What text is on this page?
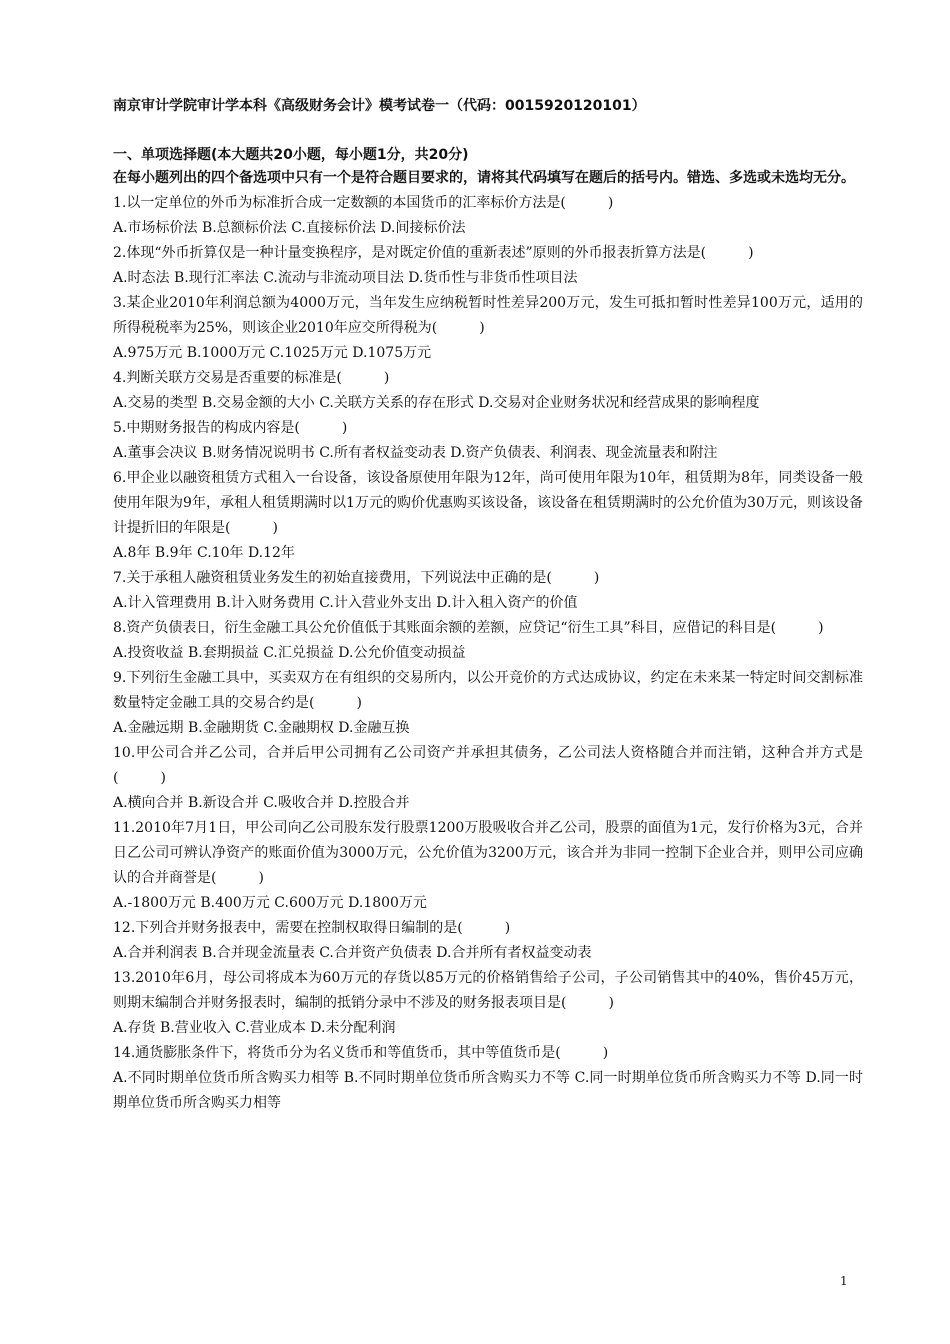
南京审计学院审计学本科《高级财务会计》模考试卷一（代码：0015920120101）
一、单项选择题(本大题共20小题，每小题1分，共20分)
在每小题列出的四个备选项中只有一个是符合题目要求的，请将其代码填写在题后的括号内。错选、多选或未选均无分。
1.以一定单位的外币为标准折合成一定数额的本国货币的汇率标价方法是(　　　)
A.市场标价法 B.总额标价法 C.直接标价法 D.间接标价法
2.体现“外币折算仅是一种计量变换程序，是对既定价值的重新表述”原则的外币报表折算方法是(　　　)
A.时态法 B.现行汇率法 C.流动与非流动项目法 D.货币性与非货币性项目法
3.某企业2010年利润总额为4000万元，当年发生应纳税暂时性差异200万元，发生可抵扣暂时性差异100万元，适用的所得税税率为25%，则该企业2010年应交所得税为(　　　)
A.975万元 B.1000万元 C.1025万元 D.1075万元
4.判断关联方交易是否重要的标准是(　　　)
A.交易的类型 B.交易金额的大小 C.关联方关系的存在形式 D.交易对企业财务状况和经营成果的影响程度
5.中期财务报告的构成内容是(　　　)
A.董事会决议 B.财务情况说明书 C.所有者权益变动表 D.资产负债表、利润表、现金流量表和附注
6.甲企业以融资租赁方式租入一台设备，该设备原使用年限为12年，尚可使用年限为10年，租赁期为8年，同类设备一般使用年限为9年，承租人租赁期满时以1万元的购价优惠购买该设备，该设备在租赁期满时的公允价值为30万元，则该设备计提折旧的年限是(　　　)
A.8年 B.9年 C.10年 D.12年
7.关于承租人融资租赁业务发生的初始直接费用，下列说法中正确的是(　　　)
A.计入管理费用 B.计入财务费用 C.计入营业外支出 D.计入租入资产的价值
8.资产负债表日，衍生金融工具公允价值低于其账面余额的差额，应贷记“衍生工具”科目，应借记的科目是(　　　)
A.投资收益 B.套期损益 C.汇兑损益 D.公允价值变动损益
9.下列衍生金融工具中，买卖双方在有组织的交易所内，以公开竞价的方式达成协议，约定在未来某一特定时间交割标准数量特定金融工具的交易合约是(　　　)
A.金融远期 B.金融期货 C.金融期权 D.金融互换
10.甲公司合并乙公司，合并后甲公司拥有乙公司资产并承担其债务，乙公司法人资格随合并而注销，这种合并方式是(　　　)
A.横向合并 B.新设合并 C.吸收合并 D.控股合并
11.2010年7月1日，甲公司向乙公司股东发行股票1200万股吸收合并乙公司，股票的面值为1元，发行价格为3元，合并日乙公司可辨认净资产的账面价值为3000万元，公允价值为3200万元，该合并为非同一控制下企业合并，则甲公司应确认的合并商誉是(　　　)
A.-1800万元 B.400万元 C.600万元 D.1800万元
12.下列合并财务报表中，需要在控制权取得日编制的是(　　　)
A.合并利润表 B.合并现金流量表 C.合并资产负债表 D.合并所有者权益变动表
13.2010年6月，母公司将成本为60万元的存货以85万元的价格销售给子公司，子公司销售其中的40%，售价45万元，则期末编制合并财务报表时，编制的抵销分录中不涉及的财务报表项目是(　　　)
A.存货 B.营业收入 C.营业成本 D.未分配利润
14.通货膨胀条件下，将货币分为名义货币和等值货币，其中等值货币是(　　　)
A.不同时期单位货币所含购买力相等 B.不同时期单位货币所含购买力不等 C.同一时期单位货币所含购买力不等 D.同一时期单位货币所含购买力相等
1
